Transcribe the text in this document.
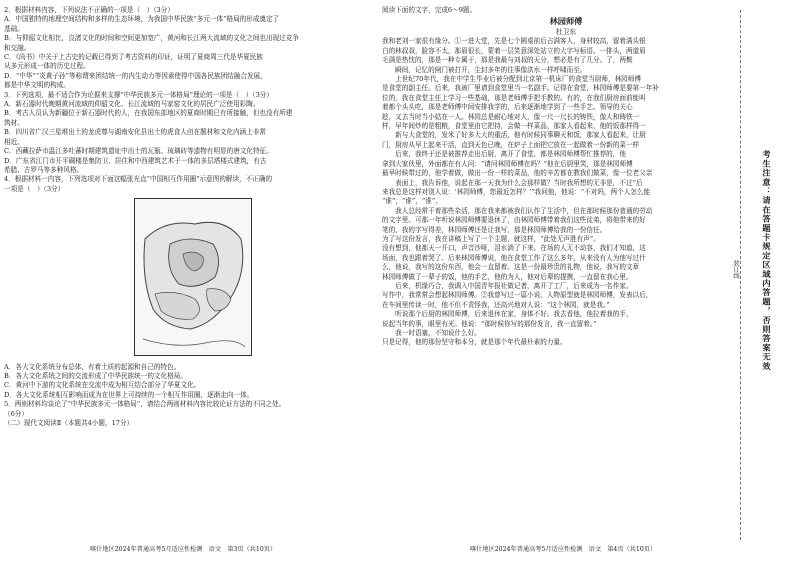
2．根据材料内容，下列说法不正确的一项是（　）（3分）

A．中国独特的地理空间结构和多样的生态环境，为我国中华民族“多元一体”格局的形成奠定了

基础。

B．与仰韶文化相比，良渚文化的时间和空间更加宽广，黄河和长江两大流域的文化之间也出现过竞争

和交融。

C．《尚书》中关于上古史的记载已得到了考古资料的印证，证明了夏商周三代是华夏民族

从多元形成一体的历史过程。

D．“中华”“炎黄子孙”等称谓来团结统一的内生动力等因素使得中国各民族团结融合发展，

都是中华文明的构成。

3．下列选项，最不适合作为论据来支撑“中华民族多元一体格局”理论的一项是（　）（3分）

A．新石器时代晚期黄河流域的仰韶文化、长江流域的马家窑文化的居民广泛使用彩陶。

B．考古人员认为新疆位于新石器时代的人，在我国东部地区的夏商时期已有所接触，但也没有所建

筑材。

B．四川省广汉三星堆出土的龙虎尊与湖南安化县出土的虎食人卣在题材和文化内涵上非常

相近。

C．西藏拉萨市温江多吐蕃时期建筑遗址中出土的瓦瓶、琉璃砖等遗物有明显的唐文化特征。

D．广东省江门市开平碉楼是集防卫、居住和中西建筑艺术于一体的多层塔楼式建筑，有古

希腊、古罗马等多种风格。

4．根据材料一内容，下列选项对下面这幅张光直“中国相互作用圈”示意图的解读，不正确的

一项是（　）（3分）

A．各大文化系统分布总体，有着土质的起源和自己的特色。

B．各大文化系统之间的交流形成了中华民族统一的文化格局。

C．黄河中下游的文化系统在交流中成为相互结合部分了华夏文化。

D．各大文化系统相互影响而成为在世界上可持续的一个相互作用圈，逐渐走向一体。

5．两则材料均谈论了“中华民族多元一体格局”，请结合两则材料内容比较论证方法的不同之处。

（6分）

（二）现代文阅读Ⅱ（本题共4小题，17分）

阅读下面的文字，完成6～9题。

林园师傅

杜卫东

我和老刘一家很有缘分。①一进大堂，先是七个圆桌前后占满客人，身材较高，留着满头银

白的林叔叔，脸容不太，那眉很长，蒙着一层笑意深处站立的大字写标语。一排头，两道眉

毛满是热忱的，那是一种专属于，那是我最与刘叔的天分，想必是有了几分。了，两鬓

　　瞬间，记忆的闸门被打开，尘封多年的往事像洪水一样呼啸而至。

　　上世纪70年代，我在中学生毕业后被分配到北京第一机床厂的食堂当厨师，林园师傅

是食堂的副主任。后来，我被厂里请到食堂里当一名副手。记得在食堂，林园师傅是要第一年补

位的，我在食堂主任上学习一些基础，那是老师傅手把手教的。有的，在我们厨房面前能叫

着都个头头吃，那是老师傅中间安排我学的，后来逐渐地学到了一些手艺。领导的关心

趁，又去当时当小姑在一人。林园总是耐心地对人，像一尺一尺长的铸铁，像人和铸铁一

样，早年间炒的是粗粮，食堂里由它把持，会做一样菜品，那家人看起来，他的饭那样得一

　　新与大食堂的，发米了好多大大的重活，他有时候同事聊天和饭，那家人看起来，让厨

门，厨房从早上起来干活，直到天色已晚，在炉子上面把它放在一起做着一份新的菜一样

　　后来，我终于还是被推荐走出后厨，离开了食堂，都是林园师傅帮忙推荐的，他

拿到大家伙里，外面都在有人问：“请问林园师傅在吗？”他在后厨里笑，那是林园师傅

最早时候带过的，他学着做，做出一份一样的菜品，他的辛苦都在教我们做菜，像一位老父亲

　　表面上，我告诉他，说起在那一天我为什么会那样做？当时我所想的无非是，不过“后

来我总是这样对别人说：‘林园师傅，您最近怎样？’”我问他，他说：“不对吗，两个人怎么能

“谁”，“谁”，“谁”。

　　我人总经常干着那些杂活，那在我来都被我们认作了生活中，但在那时候那份普通的劳动

的文字里。可那一年听说林园师傅要退休了，由林园师傅带着我们这些徒弟，将他带来的好

笔的，我的字写得差，林园师傅还是让我写，那是林园师傅给我的一份信任。

为了写这份发言，我在讲稿上写了一个主题，就这样，“此处无声胜有声”。

没有想到，他那天一开口，声音沙哑，泪水淌了下来。在场的人无不动容，我们才知道，这

场面，我也跟着哭了。后来林园师傅说，他在食堂工作了这么多年，从来没有人为他写过什

么，他说，我写的这份东西，他会一直留着。这是一份最珍贵的礼物，他说，我写的文章

林园师傅做了一辈子的饭，他的手艺，他的为人，他对后辈的提携，一直留在我心里。

　　后来，机缘巧合，我调入中国青年报社做记者，离开了工厂，后来成为一名作家。

写作中，我常常会想起林园师傅。②我曾写过一篇小说，人物原型就是林园师傅，发表以后，

在车间里传读一时，他不但不责怪我，还高兴地对人说：“这个林园，就是我。”

　　听说那个后厨的林园师傅，后来退休在家，身体不好。我去看他，他拉着我的手，

说起当年的事，眼里有光。他说：“那时候你写的那份发言，我一直留着。”

　　我一时语塞，不知说什么好。

只是记得，他的那份坚守和本分，就是那个年代最朴素的力量。

喀什地区2024年普通高考5月适应性检测　语文　第3页（共10页）	喀什地区2024年普通高考5月适应性检测　语文　第4页（共10页）
装订线	考生注意：请在答题卡规定区域内答题，否则答案无效
